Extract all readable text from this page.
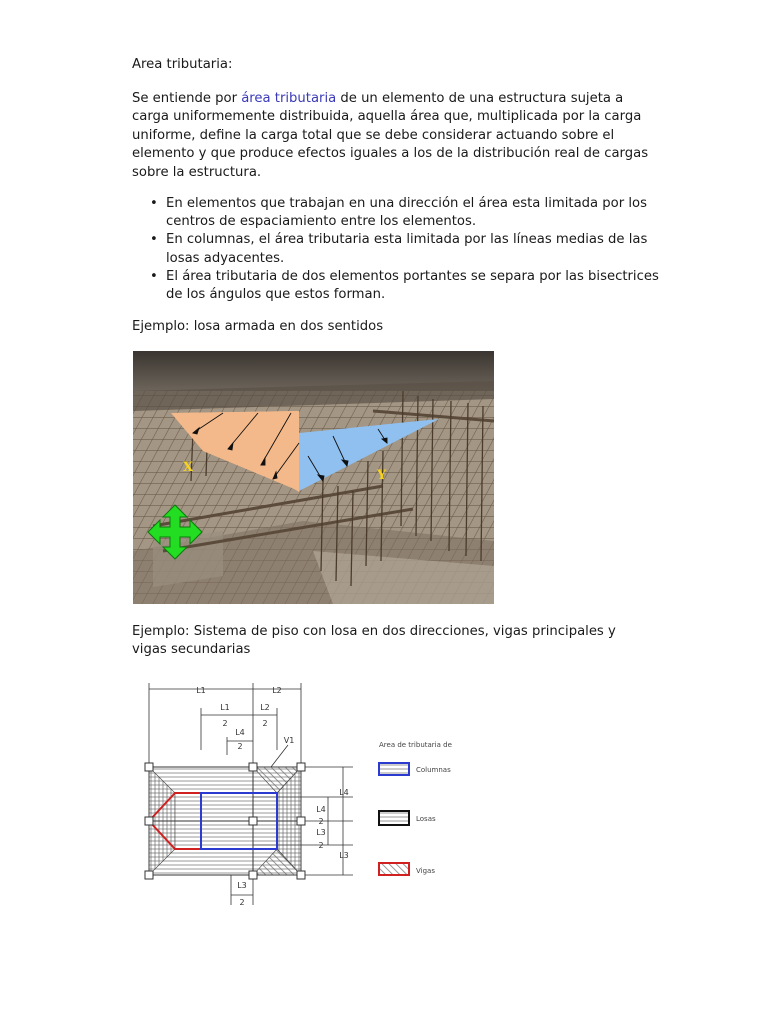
Area tributaria:

Se entiende por área tributaria de un elemento de una estructura sujeta a carga uniformemente distribuida, aquella área que, multiplicada por la carga uniforme, define la carga total que se debe considerar actuando sobre el elemento y que produce efectos iguales a los de la distribución real de cargas sobre la estructura.

• En elementos que trabajan en una dirección el área esta limitada por los centros de espaciamiento entre los elementos.
• En columnas, el área tributaria esta limitada por las líneas medias de las losas adyacentes.
• El área tributaria de dos elementos portantes se separa por las bisectrices de los ángulos que estos forman.

Ejemplo: losa armada en dos sentidos

X
Y

Ejemplo: Sistema de piso con losa en dos direcciones, vigas principales y vigas secundarias

L1	L2
L1
2
L2
2
L4
2
V1
L3
2
L4
L4
2
L3
2
L3
Area de tributaria de
Columnas
Losas
Vigas
